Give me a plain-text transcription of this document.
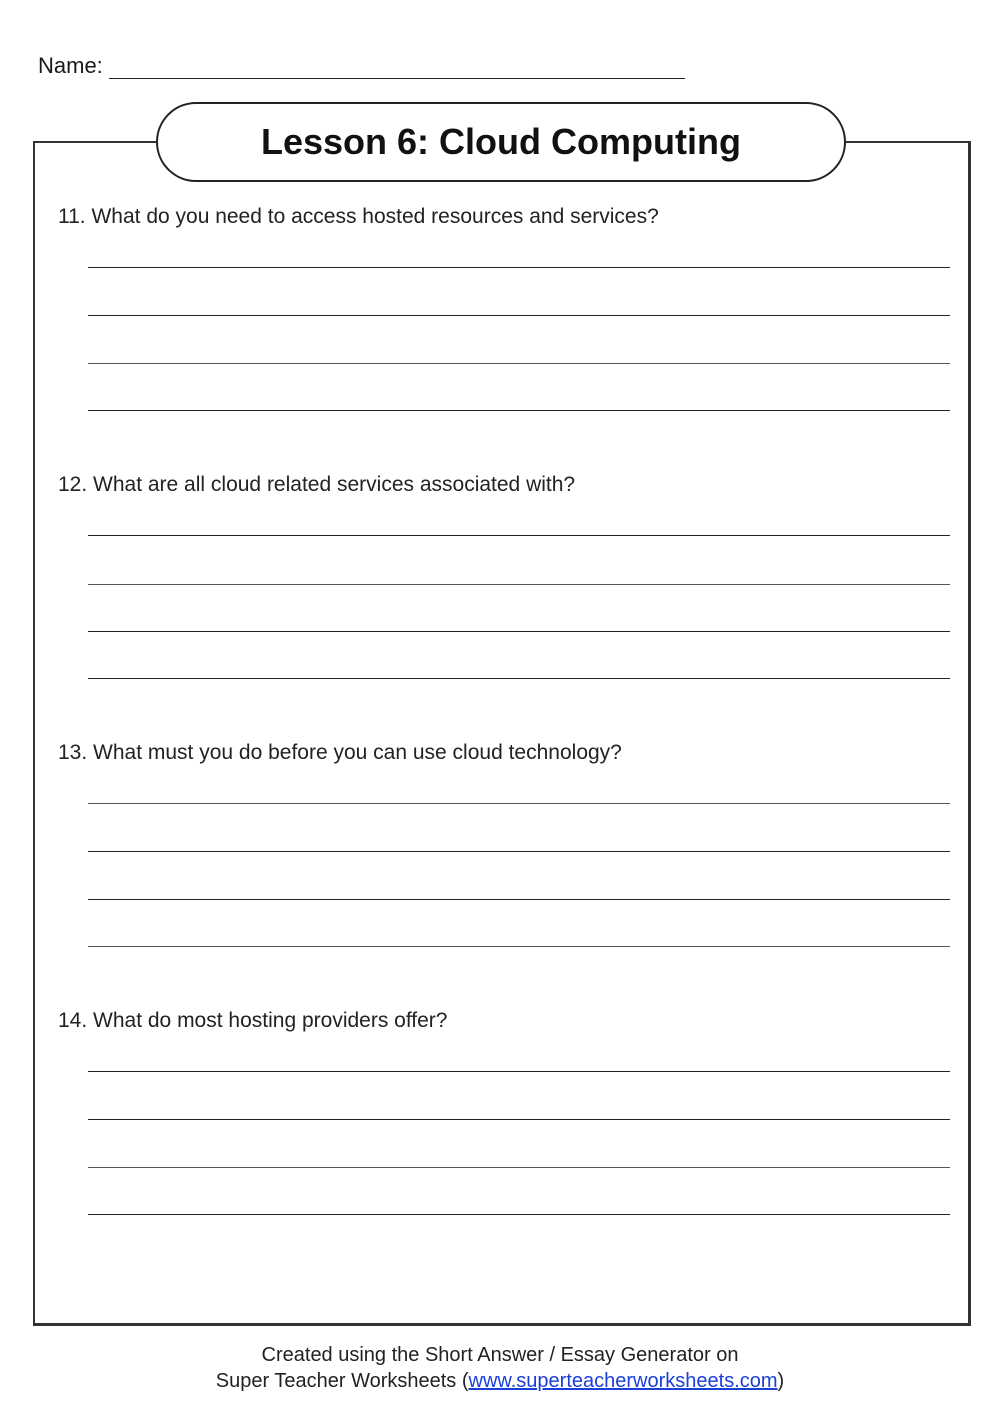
Name:
Lesson 6: Cloud Computing
11. What do you need to access hosted resources and services?
12. What are all cloud related services associated with?
13. What must you do before you can use cloud technology?
14. What do most hosting providers offer?
Created using the Short Answer / Essay Generator on
Super Teacher Worksheets (www.superteacherworksheets.com)
